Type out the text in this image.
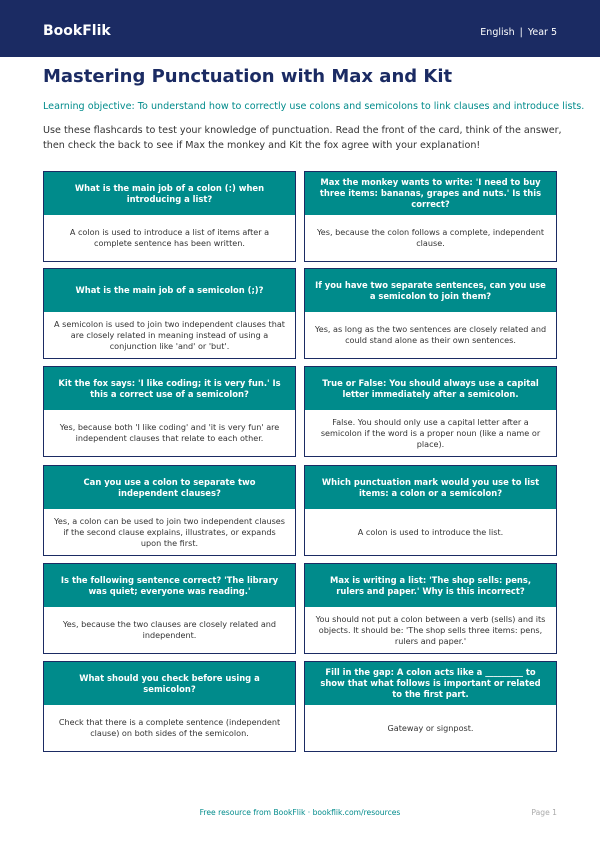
BookFlik	English | Year 5
Mastering Punctuation with Max and Kit

Learning objective: To understand how to correctly use colons and semicolons to link clauses and introduce lists.

Use these flashcards to test your knowledge of punctuation. Read the front of the card, think of the answer, then check the back to see if Max the monkey and Kit the fox agree with your explanation!

What is the main job of a colon (:) when introducing a list?
A colon is used to introduce a list of items after a complete sentence has been written.
Max the monkey wants to write: 'I need to buy three items: bananas, grapes and nuts.' Is this correct?
Yes, because the colon follows a complete, independent clause.
What is the main job of a semicolon (;)?
A semicolon is used to join two independent clauses that are closely related in meaning instead of using a conjunction like 'and' or 'but'.
If you have two separate sentences, can you use a semicolon to join them?
Yes, as long as the two sentences are closely related and could stand alone as their own sentences.
Kit the fox says: 'I like coding; it is very fun.' Is this a correct use of a semicolon?
Yes, because both 'I like coding' and 'it is very fun' are independent clauses that relate to each other.
True or False: You should always use a capital letter immediately after a semicolon.
False. You should only use a capital letter after a semicolon if the word is a proper noun (like a name or place).
Can you use a colon to separate two independent clauses?
Yes, a colon can be used to join two independent clauses if the second clause explains, illustrates, or expands upon the first.
Which punctuation mark would you use to list items: a colon or a semicolon?
A colon is used to introduce the list.
Is the following sentence correct? 'The library was quiet; everyone was reading.'
Yes, because the two clauses are closely related and independent.
Max is writing a list: 'The shop sells: pens, rulers and paper.' Why is this incorrect?
You should not put a colon between a verb (sells) and its objects. It should be: 'The shop sells three items: pens, rulers and paper.'
What should you check before using a semicolon?
Check that there is a complete sentence (independent clause) on both sides of the semicolon.
Fill in the gap: A colon acts like a _________ to show that what follows is important or related to the first part.
Gateway or signpost.
Free resource from BookFlik · bookflik.com/resources	Page 1
